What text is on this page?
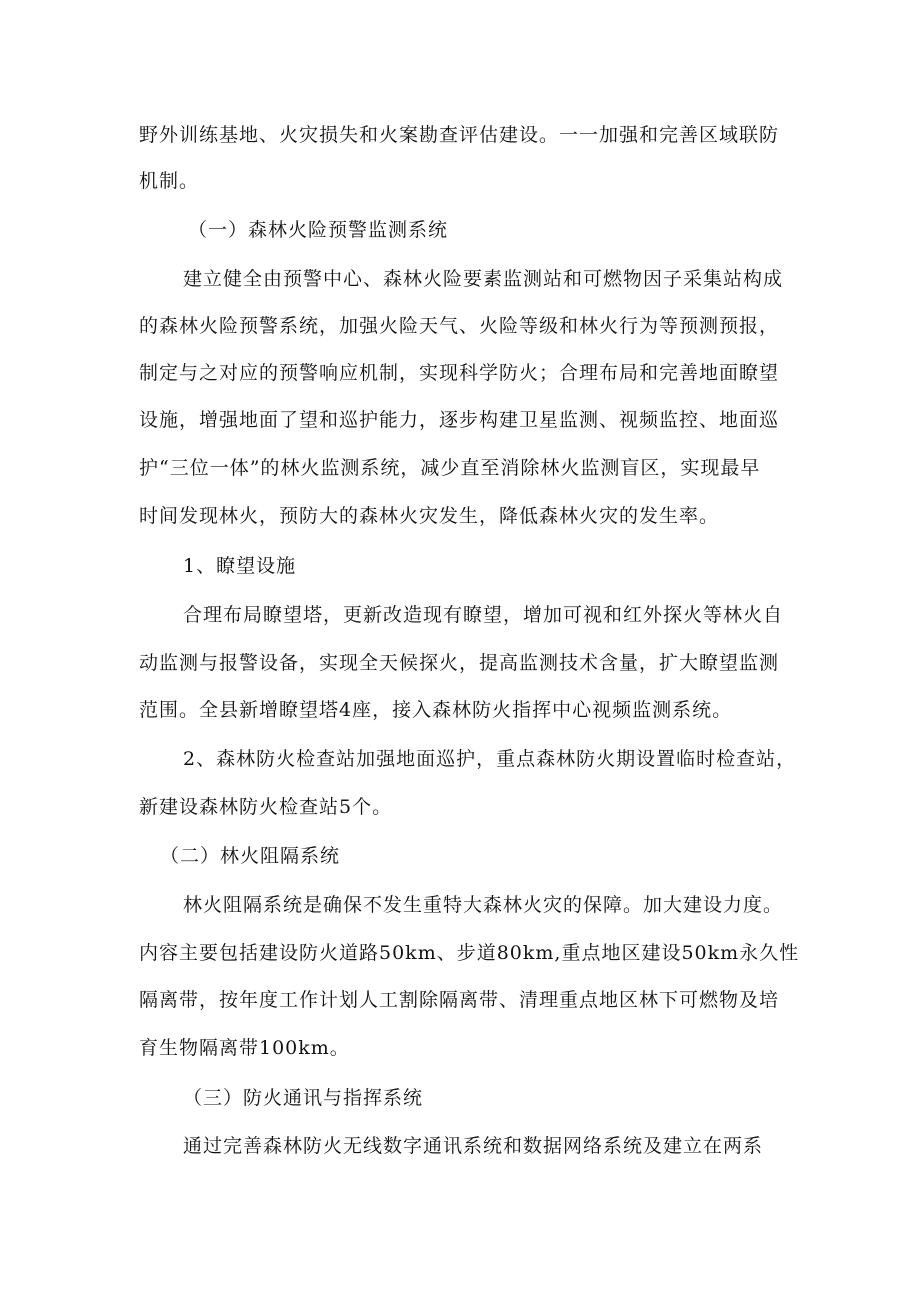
野外训练基地、火灾损失和火案勘查评估建设。一一加强和完善区域联防
机制。
（一）森林火险预警监测系统
建立健全由预警中心、森林火险要素监测站和可燃物因子采集站构成
的森林火险预警系统，加强火险天气、火险等级和林火行为等预测预报，
制定与之对应的预警响应机制，实现科学防火；合理布局和完善地面瞭望
设施，增强地面了望和巡护能力，逐步构建卫星监测、视频监控、地面巡
护“三位一体”的林火监测系统，减少直至消除林火监测盲区，实现最早
时间发现林火，预防大的森林火灾发生，降低森林火灾的发生率。
1、瞭望设施
合理布局瞭望塔，更新改造现有瞭望，增加可视和红外探火等林火自
动监测与报警设备，实现全天候探火，提高监测技术含量，扩大瞭望监测
范围。全县新增瞭望塔4座，接入森林防火指挥中心视频监测系统。
2、森林防火检查站加强地面巡护，重点森林防火期设置临时检查站，
新建设森林防火检查站5个。
（二）林火阻隔系统
林火阻隔系统是确保不发生重特大森林火灾的保障。加大建设力度。
内容主要包括建设防火道路50km、步道80km,重点地区建设50km永久性
隔离带，按年度工作计划人工割除隔离带、清理重点地区林下可燃物及培
育生物隔离带100km。
（三）防火通讯与指挥系统
通过完善森林防火无线数字通讯系统和数据网络系统及建立在两系
